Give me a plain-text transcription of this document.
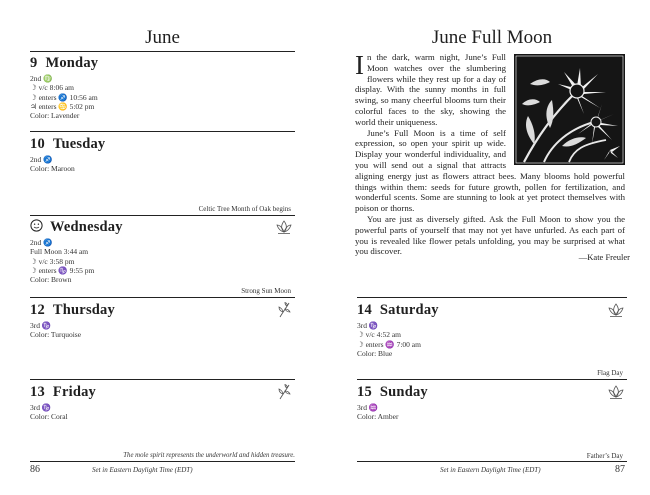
June
9 Monday
2nd ♍
☽ v/c 8:06 am
☽ enters ♐ 10:56 am
♃ enters ♋ 5:02 pm
Color: Lavender
10 Tuesday
2nd ♐
Color: Maroon
Celtic Tree Month of Oak begins
Wednesday
2nd ♐
Full Moon 3:44 am
☽ v/c 3:58 pm
☽ enters ♑ 9:55 pm
Color: Brown
Strong Sun Moon
12 Thursday
3rd ♑
Color: Turquoise
13 Friday
3rd ♑
Color: Coral
The mole spirit represents the underworld and hidden treasure.
86	Set in Eastern Daylight Time (EDT)
June Full Moon

In the dark, warm night, June’s Full Moon watches over the slumbering flowers while they rest up for a day of display. With the sunny months in full swing, so many cheerful blooms turn their colorful faces to the sky, showing the world their uniqueness.

June’s Full Moon is a time of self expression, so open your spirit up wide. Display your wonderful individuality, and you will send out a signal that attracts aligning energy just as flowers attract bees. Many blooms hold powerful things within them: seeds for future growth, pollen for fertilization, and wonderful scents. Some are stunning to look at yet protect themselves with poison or thorns.

You are just as diversely gifted. Ask the Full Moon to show you the powerful parts of yourself that may not yet have unfurled. As each part of you is revealed like flower petals unfolding, you may be surprised at what you discover.

—Kate Freuler
14 Saturday
3rd ♑
☽ v/c 4:52 am
☽ enters ♒ 7:00 am
Color: Blue
Flag Day
15 Sunday
3rd ♒
Color: Amber
Father’s Day
Set in Eastern Daylight Time (EDT)	87
